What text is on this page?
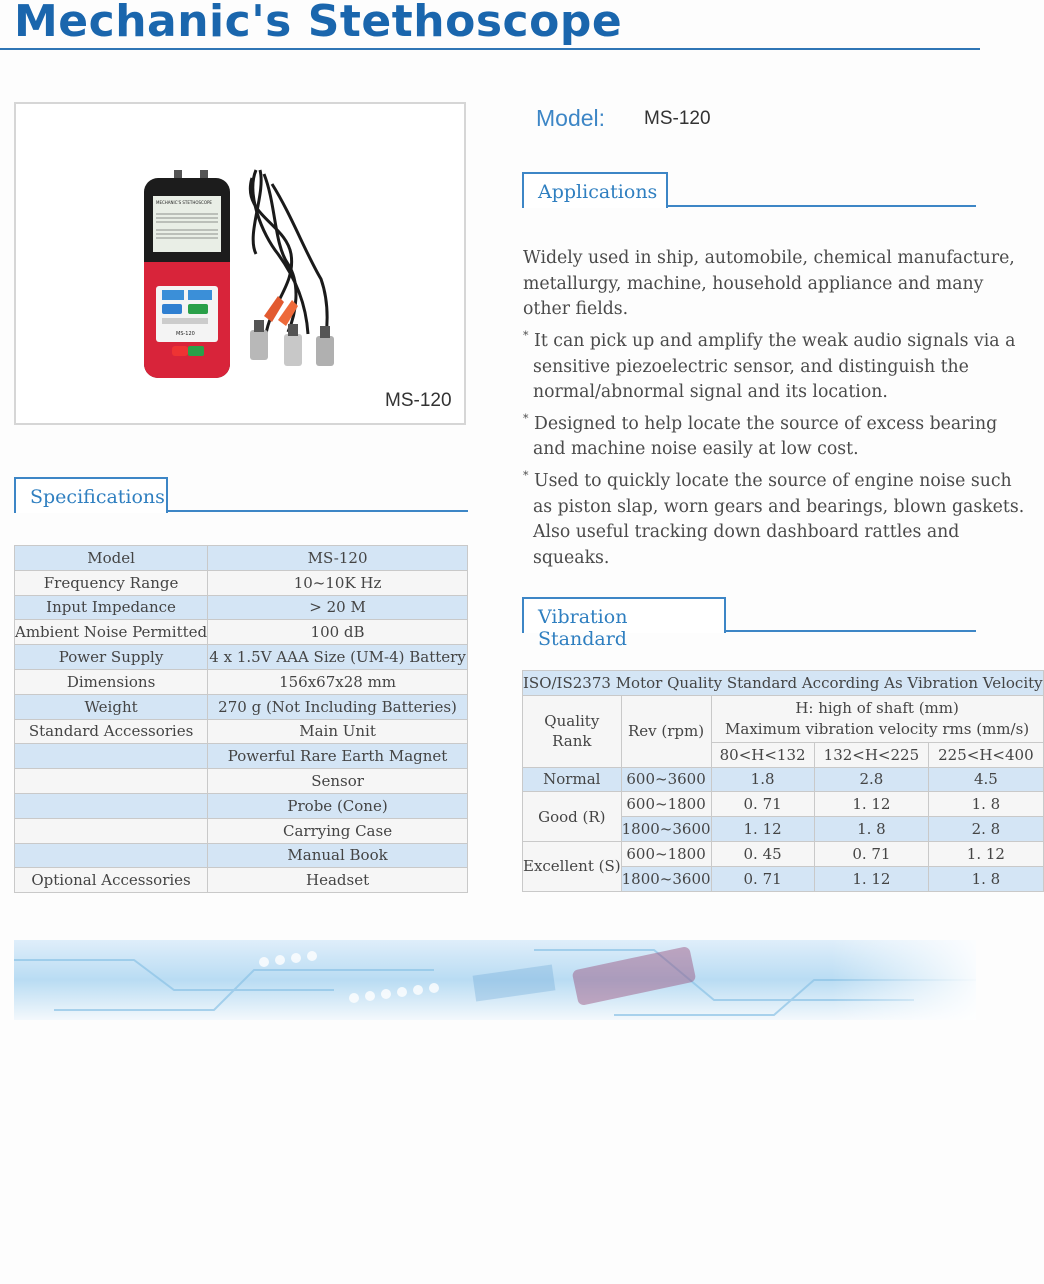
Mechanic's Stethoscope
MECHANIC'S STETHOSCOPE
MS-120
MS-120
Model: MS-120
Applications

Widely used in ship, automobile, chemical manufacture,

metallurgy, machine, household appliance and many

other fields.

* It can pick up and amplify the weak audio signals via a

sensitive piezoelectric sensor, and distinguish the

normal/abnormal signal and its location.

* Designed to help locate the source of excess bearing

and machine noise easily at low cost.

* Used to quickly locate the source of engine noise such

as piston slap, worn gears and bearings, blown gaskets.

Also useful tracking down dashboard rattles and

squeaks.

Specifications
Model	MS-120
Frequency Range	10~10K Hz
Input Impedance	> 20 M
Ambient Noise Permitted	100 dB
Power Supply	4 x 1.5V AAA Size (UM-4) Battery
Dimensions	156x67x28 mm
Weight	270 g (Not Including Batteries)
Standard Accessories	Main Unit
	Powerful Rare Earth Magnet
	Sensor
	Probe (Cone)
	Carrying Case
	Manual Book
Optional Accessories	Headset
Vibration Standard
ISO/IS2373 Motor Quality Standard According As Vibration Velocity				
Quality Rank	Rev (rpm)	H: high of shaft (mm)
Maximum vibration velocity rms (mm/s)		
		80<H<132	132<H<225	225<H<400
Normal	600~3600	1.8	2.8	4.5
Good (R)	600~1800	0. 71	1. 12	1. 8
	1800~3600	1. 12	1. 8	2. 8
Excellent (S)	600~1800	0. 45	0. 71	1. 12
	1800~3600	0. 71	1. 12	1. 8
